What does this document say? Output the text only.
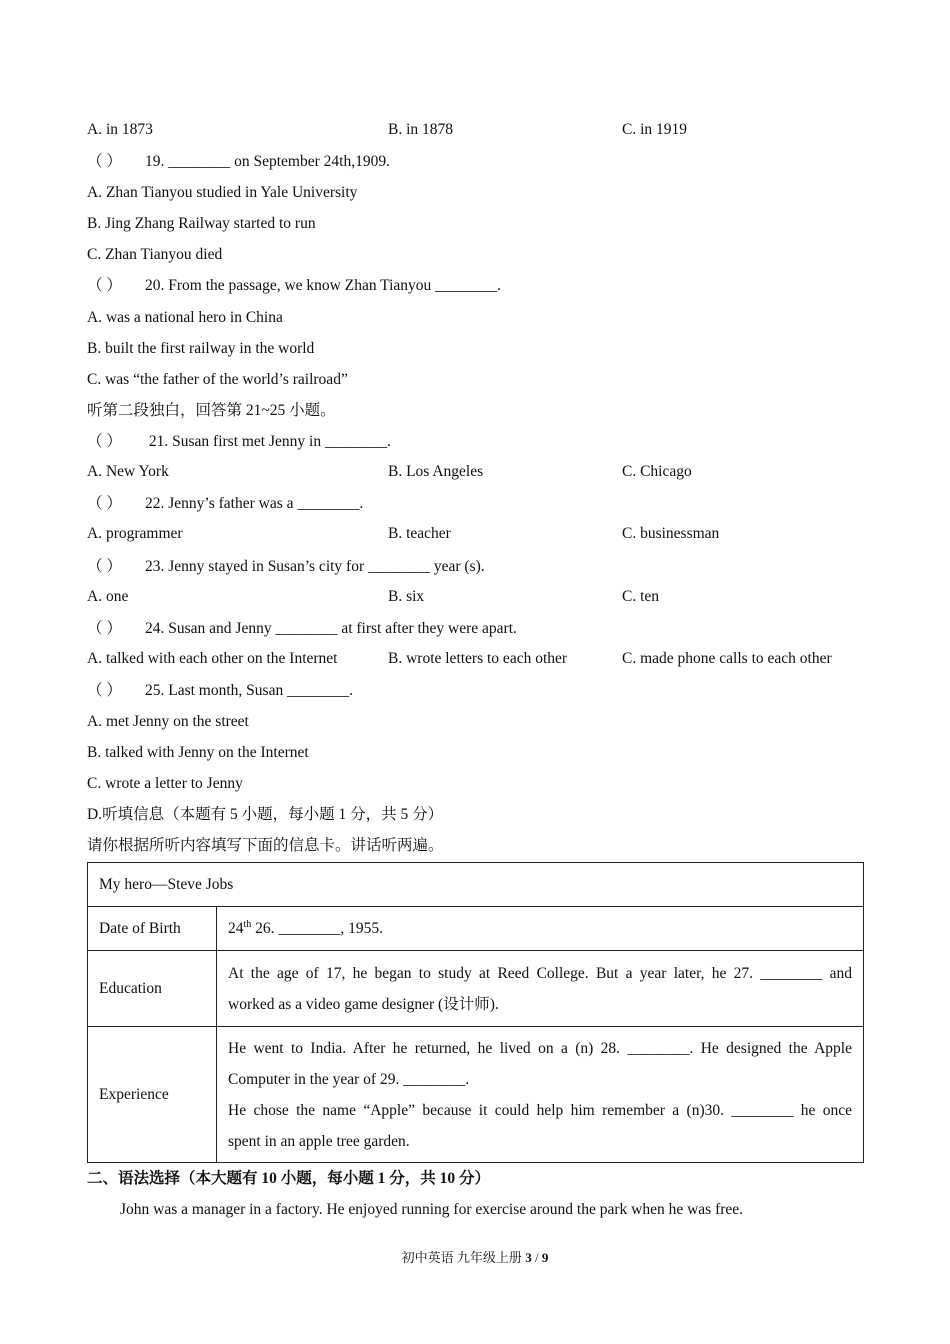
A. in 1873	B. in 1878	C. in 1919
（ ） 19. ________ on September 24th,1909.
A. Zhan Tianyou studied in Yale University
B. Jing Zhang Railway started to run
C. Zhan Tianyou died
（ ） 20. From the passage, we know Zhan Tianyou ________.
A. was a national hero in China
B. built the first railway in the world
C. was “the father of the world’s railroad”
听第二段独白，回答第 21~25 小题。
（ ） 21. Susan first met Jenny in ________.
A. New York	B. Los Angeles	C. Chicago
（ ） 22. Jenny’s father was a ________.
A. programmer	B. teacher	C. businessman
（ ） 23. Jenny stayed in Susan’s city for ________ year (s).
A. one	B. six	C. ten
（ ） 24. Susan and Jenny ________ at first after they were apart.
A. talked with each other on the Internet	B. wrote letters to each other	C. made phone calls to each other
（ ） 25. Last month, Susan ________.
A. met Jenny on the street
B. talked with Jenny on the Internet
C. wrote a letter to Jenny
D.听填信息（本题有 5 小题，每小题 1 分，共 5 分）
请你根据所听内容填写下面的信息卡。讲话听两遍。
My hero—Steve Jobs	
Date of Birth	24th 26. ________, 1955.
Education	At the age of 17, he began to study at Reed College. But a year later, he 27. ________ and
worked as a video game designer (设计师).

Experience	He went to India. After he returned, he lived on a (n) 28. ________. He designed the Apple
Computer in the year of 29. ________.
He chose the name “Apple” because it could help him remember a (n)30. ________ he once
spent in an apple tree garden.
二、语法选择（本大题有 10 小题，每小题 1 分，共 10 分）
John was a manager in a factory. He enjoyed running for exercise around the park when he was free.
初中英语 九年级上册 3 / 9
